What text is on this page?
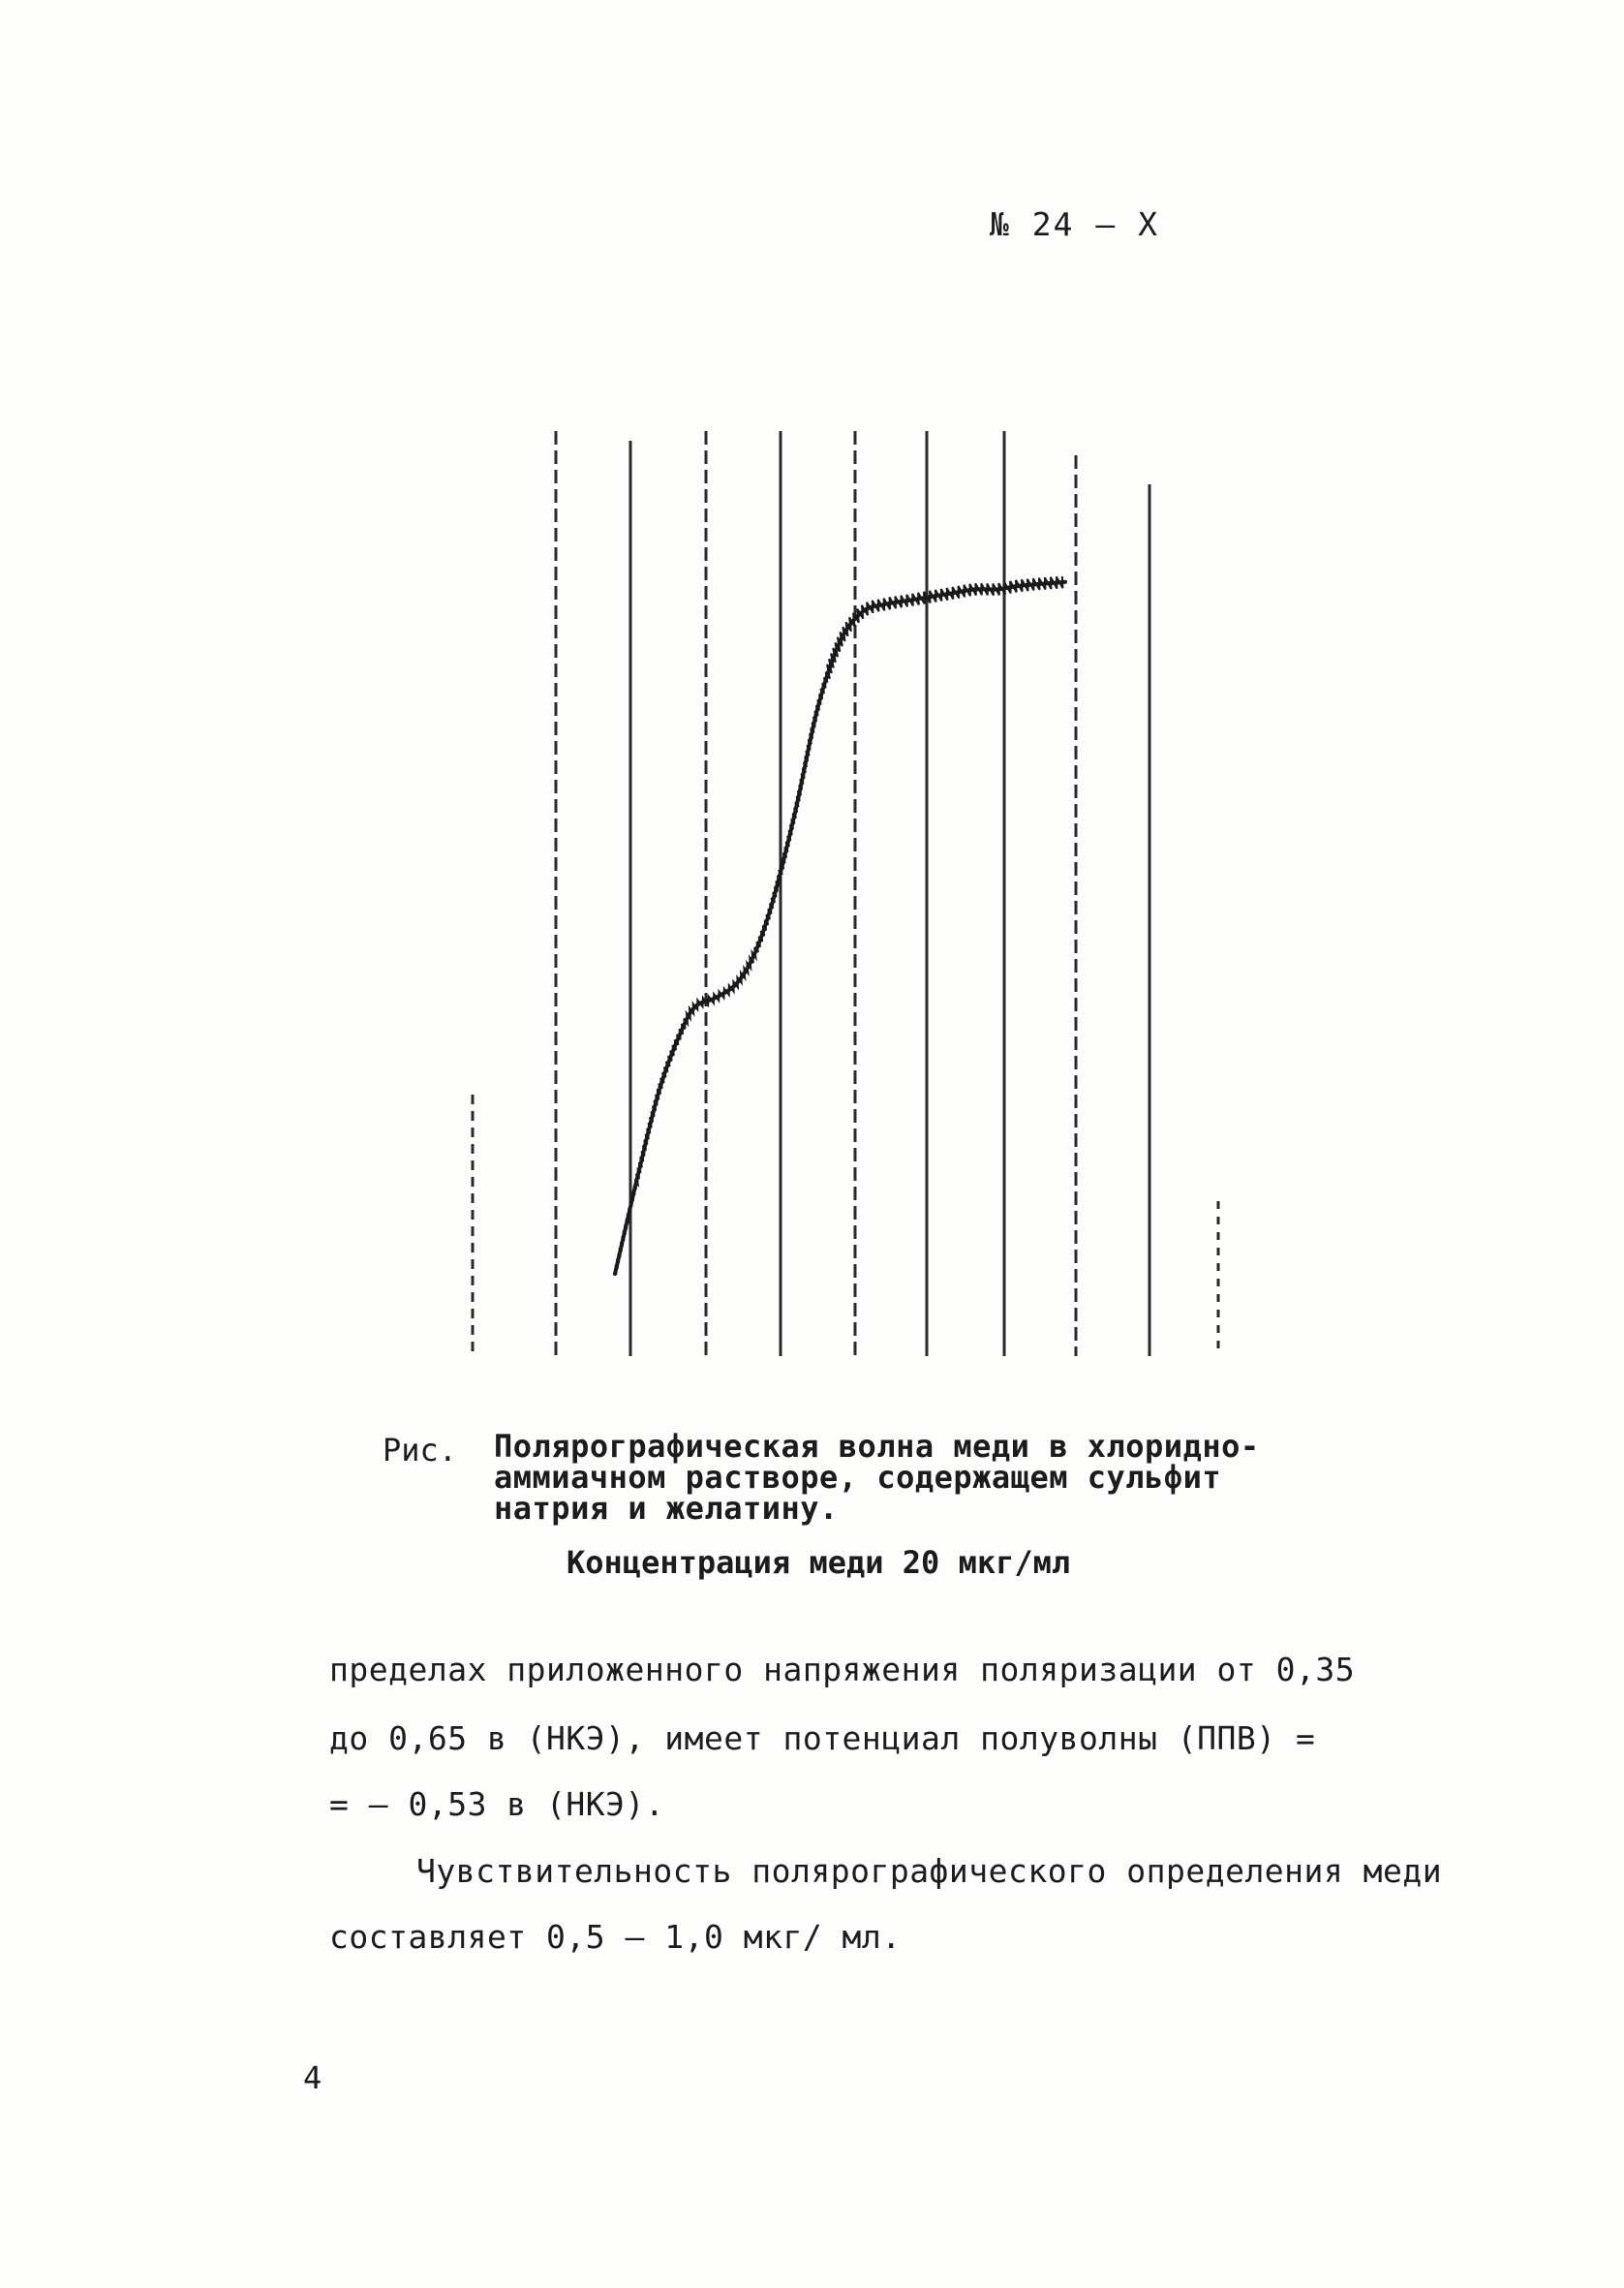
№ 24 – X
Рис. Полярографическая волна меди в хлоридно-
аммиачном растворе, содержащем сульфит
натрия и желатину.
Концентрация меди 20 мкг/мл
пределах приложенного напряжения поляризации от 0,35
до 0,65 в (НКЭ), имеет потенциал полуволны (ППВ) =
= – 0,53 в (НКЭ).
Чувствительность полярографического определения меди
составляет 0,5 – 1,0 мкг/ мл.
4
